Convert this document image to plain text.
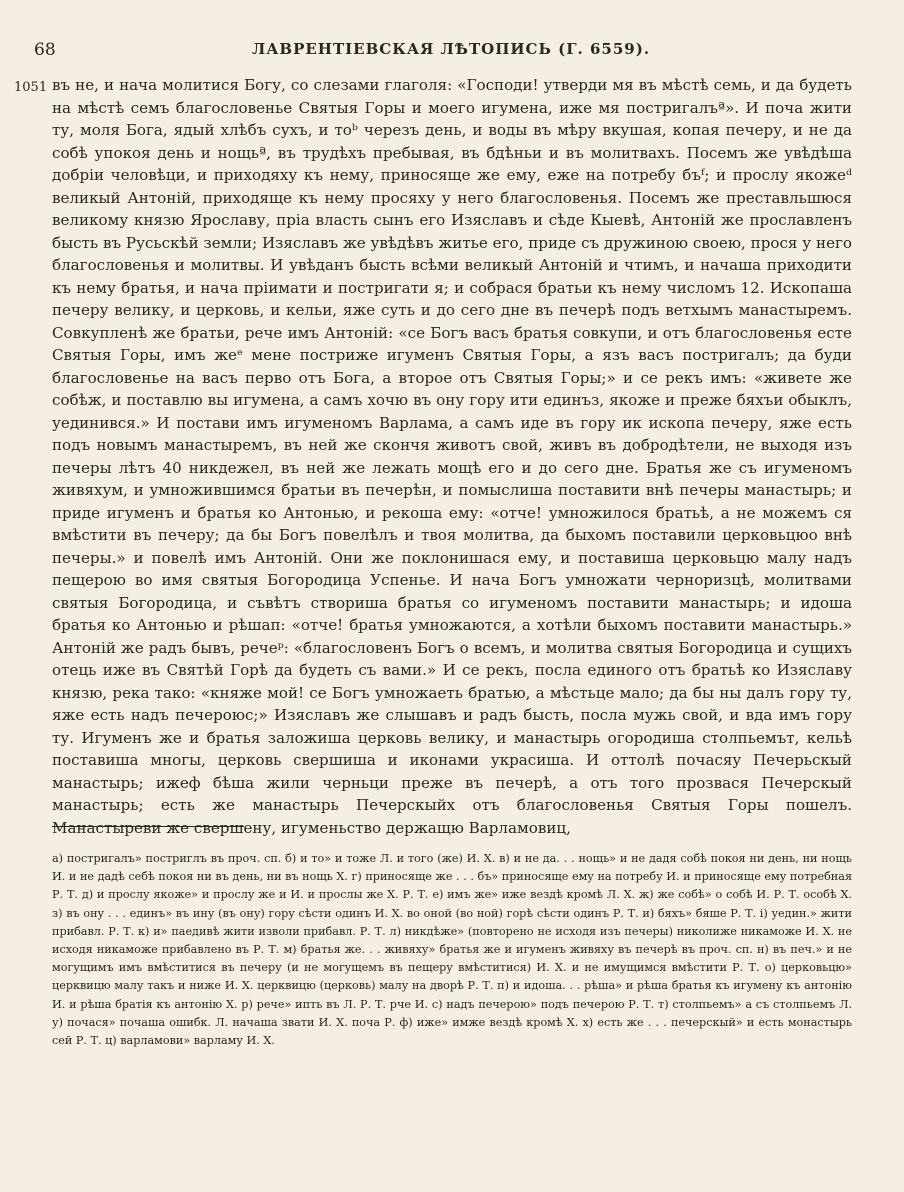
68	ЛАВРЕНТІЕВСКАЯ ЛѢТОПИСЬ (Г. 6559).
1051 въ не, и нача молитися Богу, со слезами глаголя: «Господи! утверди мя въ мѣстѣ семь, и да будеть на мѣстѣ семъ благословенье Святыя Горы и моего игумена, иже мя постригалъª». И поча жити ту, моля Бога, ядый хлѣбъ сухъ, и тоᵇ черезъ день, и воды въ мѣру вкушая, копая печеру, и не да собѣ упокоя день и нощьª, въ трудѣхъ пребывая, въ бдѣньи и въ молитвахъ. Посемъ же увѣдѣша добріи человѣци, и приходяху къ нему, приносяще же ему, еже на потребу бъᶠ; и прослу якожеᵈ великый Антоній, приходяще къ нему просяху у него благословенья. Посемъ же преставльшюся великому князю Ярославу, пріа власть сынъ его Изяславъ и сѣде Кыевѣ, Антоній же прославленъ бысть въ Русьскѣй земли; Изяславъ же увѣдѣвъ житье его, приде съ дружиною своею, прося у него благословенья и молитвы. И увѣданъ бысть всѣми великый Антоній и чтимъ, и начаша приходити къ нему братья, и нача пріимати и постригати я; и собрася братьи къ нему числомъ 12. Ископаша печеру велику, и церковь, и кельи, яже суть и до сего дне въ печерѣ подъ ветхымъ манастыремъ. Совкупленѣ же братьи, рече имъ Антоній: «се Богъ васъ братья совкупи, и отъ благословенья есте Святыя Горы, имъ жеᵉ мене постриже игуменъ Святыя Горы, а язъ васъ постригалъ; да буди благословенье на васъ перво отъ Бога, а второе отъ Святыя Горы;» и се рекъ имъ: «живете же собѣж, и поставлю вы игумена, а самъ хочю въ ону гору ити единъз, якоже и преже бяхъи обыклъ, уединився.» И постави имъ игуменомъ Варлама, а самъ иде въ гору ик ископа печеру, яже есть подъ новымъ манастыремъ, въ ней же скончя животъ свой, живъ въ добродѣтели, не выходя изъ печеры лѣтъ 40 никдежел, въ ней же лежать мощѣ его и до сего дне. Братья же съ игуменомъ живяхум, и умножившимся братьи въ печерѣн, и помыслиша поставити внѣ печеры манастырь; и приде игуменъ и братья ко Антонью, и рекоша ему: «отче! умножилося братьѣ, а не можемъ ся вмѣстити въ печеру; да бы Богъ повелѣлъ и твоя молитва, да быхомъ поставили церковьцюо внѣ печеры.» и повелѣ имъ Антоній. Они же поклонишася ему, и поставиша церковьцю малу надъ пещерою во имя святыя Богородица Успенье. И нача Богъ умножати черноризцѣ, молитвами святыя Богородица, и съвѣтъ створиша братья со игуменомъ поставити манастырь; и идоша братья ко Антонью и рѣшап: «отче! братья умножаются, а хотѣли быхомъ поставити манастырь.» Антоній же радъ бывъ, речеᵖ: «благословенъ Богъ о всемъ, и молитва святыя Богородица и сущихъ отець иже въ Святѣй Горѣ да будеть съ вами.» И се рекъ, посла единого отъ братьѣ ко Изяславу князю, река тако: «княже мой! се Богъ умножаеть братью, а мѣстьце мало; да бы ны далъ гору ту, яже есть надъ печероюс;» Изяславъ же слышавъ и радъ бысть, посла мужь свой, и вда имъ гору ту. Игуменъ же и братья заложиша церковь велику, и манастырь огородиша столпьемът, кельѣ поставиша многы, церковь свершиша и иконами украсиша. И оттолѣ почасяу Печерьскый манастырь; ижеф бѣша жили черньци преже въ печерѣ, а отъ того прозвася Печерскый манастырь; есть же манастырь Печерскыйх отъ благословенья Святыя Горы пошелъ. Манастыреви же свершену, игуменьство держащю Варламовиц,

а) постригалъ» постриглъ въ проч. сп. б) и то» и тоже Л. и того (же) И. Х. в) и не да. . . нощь» и не дадя собѣ покоя ни день, ни нощь И. и не дадѣ себѣ покоя ни въ день, ни въ нощь Х. г) приносяще же . . . бъ» приносяще ему на потребу И. и приносяще ему потребная Р. Т. д) и прослу якоже» и прослу же и И. и прослы же Х. Р. Т. е) имъ же» иже вездѣ кромѣ Л. Х. ж) же собѣ» о собѣ И. Р. Т. особѣ Х. з) въ ону . . . единъ» въ ину (въ ону) гору сѣсти одинъ И. Х. во оной (во ной) горѣ сѣсти одинъ Р. Т. и) бяхъ» бяше Р. Т. і) уедин.» жити прибавл. Р. Т. к) и» паедивѣ жити изволи прибавл. Р. Т. л) никдѣже» (повторено не исходя изъ печеры) николиже никаможе И. Х. не исходя никаможе прибавлено въ Р. Т. м) братья же. . . живяху» братья же и игуменъ живяху въ печерѣ въ проч. сп. н) въ печ.» и не могущимъ имъ вмѣститися въ печеру (и не могущемъ въ пещеру вмѣститися) И. Х. и не имущимся вмѣстити Р. Т. о) церковьцю» церквицю малу такъ и ниже И. Х. церквицю (церковь) малу на дворѣ Р. Т. п) и идоша. . . рѣша» и рѣша братья къ игумену къ антонію И. и рѣша братія къ антонію Х. р) рече» ипть въ Л. Р. Т. рче И. с) надъ печерою» подъ печерою Р. Т. т) столпьемъ» а съ столпьемъ Л. у) почася» почаша ошибк. Л. начаша звати И. Х. поча Р. ф) иже» имже вездѣ кромѣ Х. х) есть же . . . печерскый» и есть монастырь сей Р. Т. ц) варламови» варламу И. Х.
